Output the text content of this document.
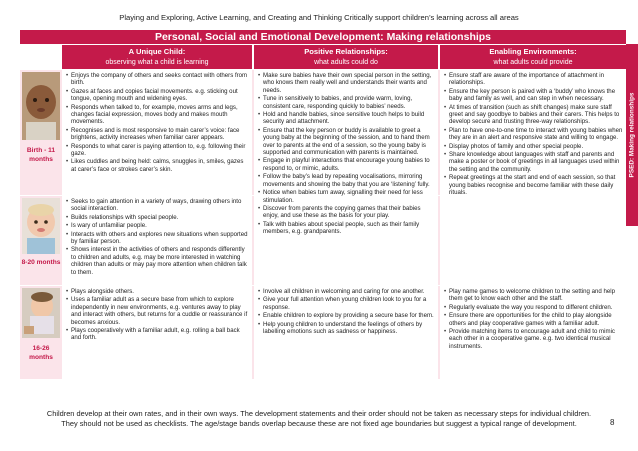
Playing and Exploring, Active Learning, and Creating and Thinking Critically support children’s learning across all areas
Personal, Social and Emotional Development: Making relationships
PSED: Making relationships
A Unique Child:
observing what a child is learning
Positive Relationships:
what adults could do
Enabling Environments:
what adults could provide
Birth - 11 months
8-20 months
16-26 months
• Enjoys the company of others and seeks contact with others from birth.
• Gazes at faces and copies facial movements. e.g. sticking out tongue, opening mouth and widening eyes.
• Responds when talked to, for example, moves arms and legs, changes facial expression, moves body and makes mouth movements.
• Recognises and is most responsive to main carer’s voice: face brightens, activity increases when familiar carer appears.
• Responds to what carer is paying attention to, e.g. following their gaze.
• Likes cuddles and being held: calms, snuggles in, smiles, gazes at carer’s face or strokes carer’s skin.
• Seeks to gain attention in a variety of ways, drawing others into social interaction.
• Builds relationships with special people.
• Is wary of unfamiliar people.
• Interacts with others and explores new situations when supported by familiar person.
• Shows interest in the activities of others and responds differently to children and adults, e.g. may be more interested in watching children than adults or may pay more attention when children talk to them.
• Plays alongside others.
• Uses a familiar adult as a secure base from which to explore independently in new environments, e.g. ventures away to play and interact with others, but returns for a cuddle or reassurance if becomes anxious.
• Plays cooperatively with a familiar adult, e.g. rolling a ball back and forth.
• Make sure babies have their own special person in the setting, who knows them really well and understands their wants and needs.
• Tune in sensitively to babies, and provide warm, loving, consistent care, responding quickly to babies’ needs.
• Hold and handle babies, since sensitive touch helps to build security and attachment.
• Ensure that the key person or buddy is available to greet a young baby at the beginning of the session, and to hand them over to parents at the end of a session, so the young baby is supported and communication with parents is maintained.
• Engage in playful interactions that encourage young babies to respond to, or mimic, adults.
• Follow the baby’s lead by repeating vocalisations, mirroring movements and showing the baby that you are ‘listening’ fully.
• Notice when babies turn away, signalling their need for less stimulation.
• Discover from parents the copying games that their babies enjoy, and use these as the basis for your play.
• Talk with babies about special people, such as their family members, e.g. grandparents.
• Involve all children in welcoming and caring for one another.
• Give your full attention when young children look to you for a response.
• Enable children to explore by providing a secure base for them.
• Help young children to understand the feelings of others by labelling emotions such as sadness or happiness.
• Ensure staff are aware of the importance of attachment in relationships.
• Ensure the key person is paired with a ‘buddy’ who knows the baby and family as well, and can step in when necessary.
• At times of transition (such as shift changes) make sure staff greet and say goodbye to babies and their carers. This helps to develop secure and trusting three-way relationships.
• Plan to have one-to-one time to interact with young babies when they are in an alert and responsive state and willing to engage.
• Display photos of family and other special people.
• Share knowledge about languages with staff and parents and make a poster or book of greetings in all languages used within the setting and the community.
• Repeat greetings at the start and end of each session, so that young babies recognise and become familiar with these daily rituals.
• Play name games to welcome children to the setting and help them get to know each other and the staff.
• Regularly evaluate the way you respond to different children.
• Ensure there are opportunities for the child to play alongside others and play cooperative games with a familiar adult.
• Provide matching items to encourage adult and child to mimic each other in a cooperative game. e.g. two identical musical instruments.
Children develop at their own rates, and in their own ways. The development statements and their order should not be taken as necessary steps for individual children.
They should not be used as checklists. The age/stage bands overlap because these are not fixed age boundaries but suggest a typical range of development.	8
